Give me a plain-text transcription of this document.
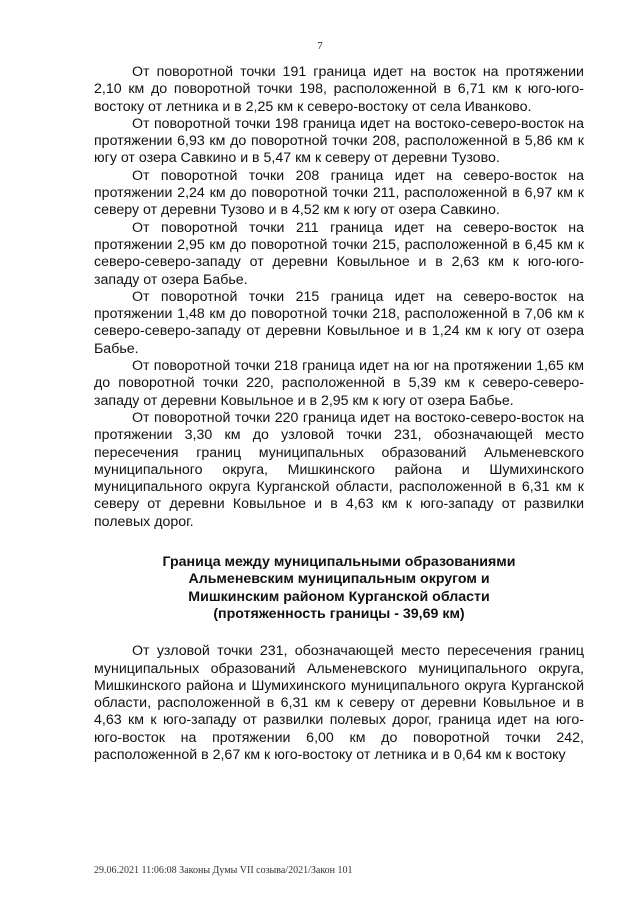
7

От поворотной точки 191 граница идет на восток на протяжении 2,10 км до поворотной точки 198, расположенной в 6,71 км к юго-юго-востоку от летника и в 2,25 км к северо-востоку от села Иванково.

От поворотной точки 198 граница идет на востоко-северо-восток на протяжении 6,93 км до поворотной точки 208, расположенной в 5,86 км к югу от озера Савкино и в 5,47 км к северу от деревни Тузово.

От поворотной точки 208 граница идет на северо-восток на протяжении 2,24 км до поворотной точки 211, расположенной в 6,97 км к северу от деревни Тузово и в 4,52 км к югу от озера Савкино.

От поворотной точки 211 граница идет на северо-восток на протяжении 2,95 км до поворотной точки 215, расположенной в 6,45 км к северо-северо-западу от деревни Ковыльное и в 2,63 км к юго-юго-западу от озера Бабье.

От поворотной точки 215 граница идет на северо-восток на протяжении 1,48 км до поворотной точки 218, расположенной в 7,06 км к северо-северо-западу от деревни Ковыльное и в 1,24 км к югу от озера Бабье.

От поворотной точки 218 граница идет на юг на протяжении 1,65 км до поворотной точки 220, расположенной в 5,39 км к северо-северо-западу от деревни Ковыльное и в 2,95 км к югу от озера Бабье.

От поворотной точки 220 граница идет на востоко-северо-восток на протяжении 3,30 км до узловой точки 231, обозначающей место пересечения границ муниципальных образований Альменевского муниципального округа, Мишкинского района и Шумихинского муниципального округа Курганской области, расположенной в 6,31 км к северу от деревни Ковыльное и в 4,63 км к юго-западу от развилки полевых дорог.

Граница между муниципальными образованиями
Альменевским муниципальным округом и
Мишкинским районом Курганской области
(протяженность границы - 39,69 км)

От узловой точки 231, обозначающей место пересечения границ муниципальных образований Альменевского муниципального округа, Мишкинского района и Шумихинского муниципального округа Курганской области, расположенной в 6,31 км к северу от деревни Ковыльное и в 4,63 км к юго-западу от развилки полевых дорог, граница идет на юго-юго-восток на протяжении 6,00 км до поворотной точки 242, расположенной в 2,67 км к юго-востоку от летника и в 0,64 км к востоку

29.06.2021 11:06:08 Законы Думы VII созыва/2021/Закон 101
